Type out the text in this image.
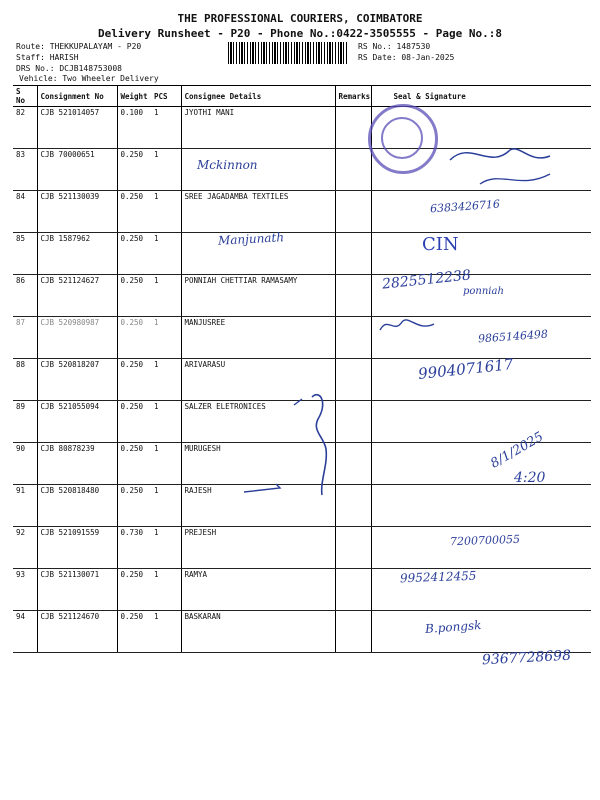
THE PROFESSIONAL COURIERS, COIMBATORE
Delivery Runsheet - P20 - Phone No.:0422-3505555 - Page No.:8
Route: THEKKUPALAYAM - P20
Staff: HARISH
DRS No.: DCJB148753008
Vehicle: Two Wheeler Delivery
RS No.: 1487530
RS Date: 08-Jan-2025
S No	Consignment No	Weight	PCS	Consignee Details	Remarks	Seal & Signature
82	CJB 521014057	0.100	1	JYOTHI MANI		
83	CJB 70000651	0.250	1			
84	CJB 521130039	0.250	1	SREE JAGADAMBA TEXTILES		
85	CJB 1587962	0.250	1			
86	CJB 521124627	0.250	1	PONNIAH CHETTIAR RAMASAMY		
87	CJB 520980987	0.250	1	MANJUSREE		
88	CJB 520818207	0.250	1	ARIVARASU		
89	CJB 521055094	0.250	1	SALZER ELETRONICES		
90	CJB 80878239	0.250	1	MURUGESH		
91	CJB 520818480	0.250	1	RAJESH		
92	CJB 521091559	0.730	1	PREJESH		
93	CJB 521130071	0.250	1	RAMYA		
94	CJB 521124670	0.250	1	BASKARAN		
Mckinnon
6383426716
Manjunath	CIN
2825512238
ponniah
9865146498
9904071617
8/1/2025
4:20
7200700055
9952412455
B.pongsk
9367728698
